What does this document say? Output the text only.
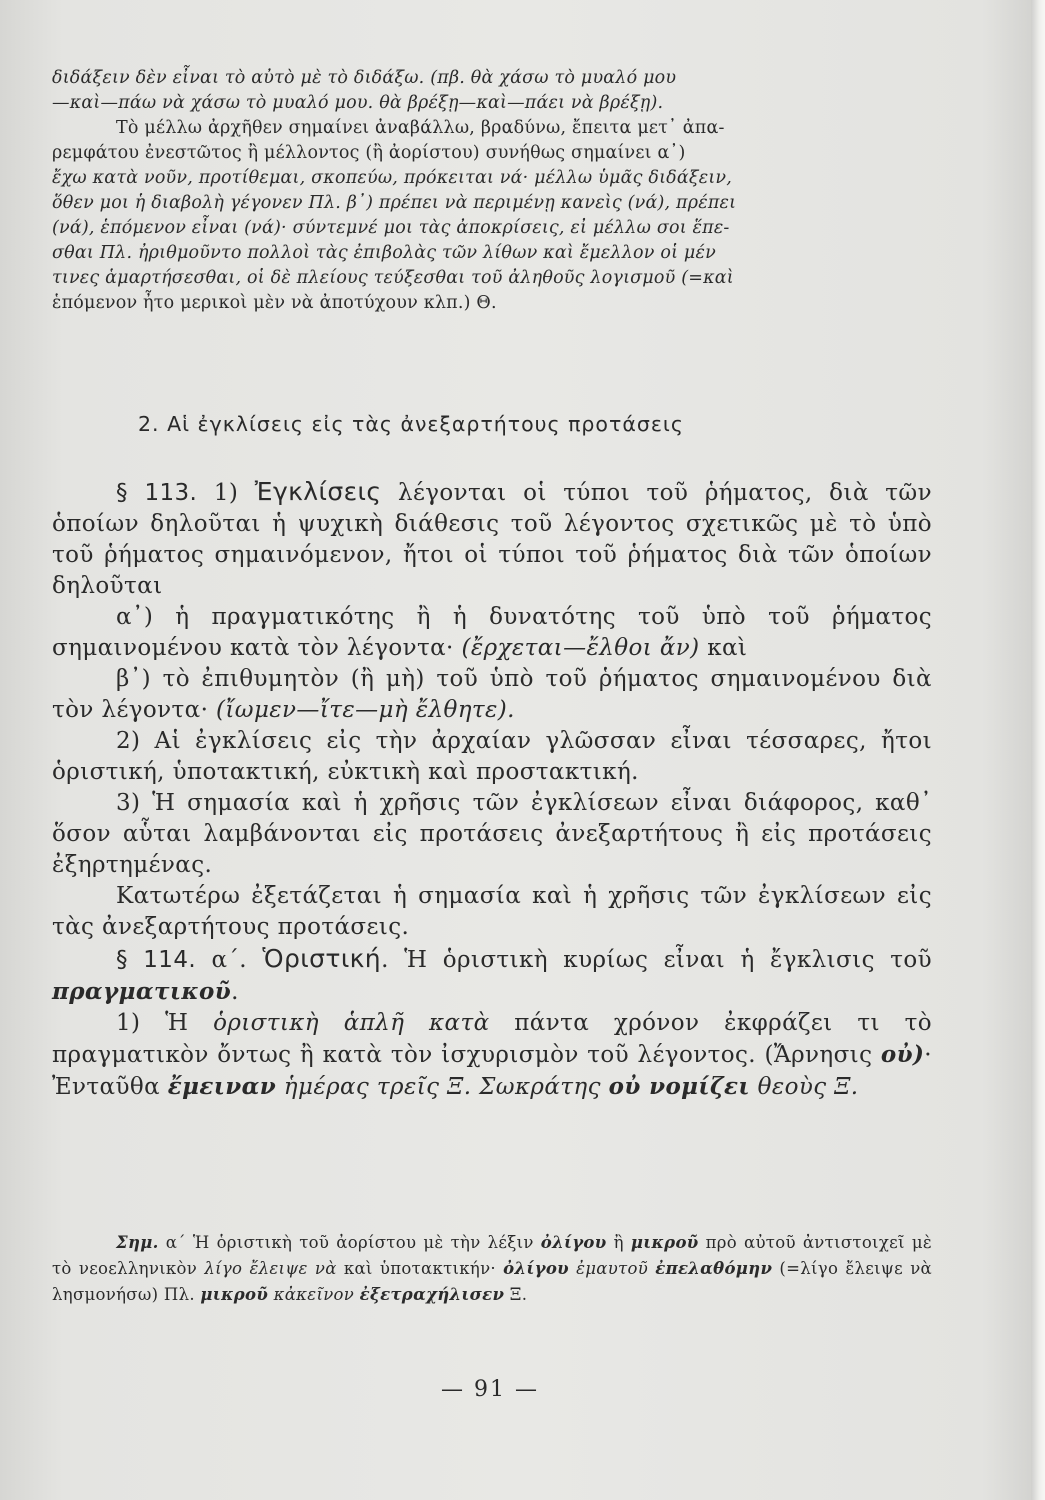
διδάξειν δὲν εἶναι τὸ αὐτὸ μὲ τὸ διδάξω. (πβ. θὰ χάσω τὸ μυαλό μου
—καὶ—πάω νὰ χάσω τὸ μυαλό μου. θὰ βρέξῃ—καὶ—πάει νὰ βρέξῃ).
Τὸ μέλλω ἀρχῆθεν σημαίνει ἀναβάλλω, βραδύνω, ἔπειτα μετ᾽ ἀπα-
ρεμφάτου ἐνεστῶτος ἢ μέλλοντος (ἢ ἀορίστου) συνήθως σημαίνει α᾽)
ἔχω κατὰ νοῦν, προτίθεμαι, σκοπεύω, πρόκειται νά· μέλλω ὑμᾶς διδάξειν,
ὅθεν μοι ἡ διαβολὴ γέγονεν Πλ. β᾽) πρέπει νὰ περιμένῃ κανεὶς (νά), πρέπει
(νά), ἑπόμενον εἶναι (νά)· σύντεμνέ μοι τὰς ἀποκρίσεις, εἰ μέλλω σοι ἕπε-
σθαι Πλ. ἠριθμοῦντο πολλοὶ τὰς ἐπιβολὰς τῶν λίθων καὶ ἔμελλον οἱ μέν
τινες ἁμαρτήσεσθαι, οἱ δὲ πλείους τεύξεσθαι τοῦ ἀληθοῦς λογισμοῦ (=καὶ
ἑπόμενον ἦτο μερικοὶ μὲν νὰ ἀποτύχουν κλπ.) Θ.
2. Αἱ ἐγκλίσεις εἰς τὰς ἀνεξαρτήτους προτάσεις

§ 113. 1) Ἐγκλίσεις λέγονται οἱ τύποι τοῦ ῥήματος, διὰ τῶν ὁποίων δηλοῦται ἡ ψυχικὴ διάθεσις τοῦ λέγοντος σχετικῶς μὲ τὸ ὑπὸ τοῦ ῥήματος σημαινόμενον, ἤτοι οἱ τύποι τοῦ ῥήματος διὰ τῶν ὁποίων δηλοῦται

α᾽) ἡ πραγματικότης ἢ ἡ δυνατότης τοῦ ὑπὸ τοῦ ῥήματος σημαινομένου κατὰ τὸν λέγοντα· (ἔρχεται—ἔλθοι ἄν) καὶ

β᾽) τὸ ἐπιθυμητὸν (ἢ μὴ) τοῦ ὑπὸ τοῦ ῥήματος σημαινομένου διὰ τὸν λέγοντα· (ἴωμεν—ἴτε—μὴ ἔλθητε).

2) Αἱ ἐγκλίσεις εἰς τὴν ἀρχαίαν γλῶσσαν εἶναι τέσσαρες, ἤτοι ὁριστική, ὑποτακτική, εὐκτικὴ καὶ προστακτική.

3) Ἡ σημασία καὶ ἡ χρῆσις τῶν ἐγκλίσεων εἶναι διάφορος, καθ᾽ ὅσον αὗται λαμβάνονται εἰς προτάσεις ἀνεξαρτήτους ἢ εἰς προτάσεις ἐξηρτημένας.

Κατωτέρω ἐξετάζεται ἡ σημασία καὶ ἡ χρῆσις τῶν ἐγκλίσεων εἰς τὰς ἀνεξαρτήτους προτάσεις.

§ 114. α΄. Ὁριστική. Ἡ ὁριστικὴ κυρίως εἶναι ἡ ἔγκλισις τοῦ πραγματικοῦ.

1) Ἡ ὁριστικὴ ἁπλῆ κατὰ πάντα χρόνον ἐκφράζει τι τὸ πραγματικὸν ὄντως ἢ κατὰ τὸν ἰσχυρισμὸν τοῦ λέγοντος. (Ἄρνησις οὐ)· Ἐνταῦθα ἔμειναν ἡμέρας τρεῖς Ξ. Σωκράτης οὐ νομίζει θεοὺς Ξ.

Σημ. α΄ Ἡ ὁριστικὴ τοῦ ἀορίστου μὲ τὴν λέξιν ὀλίγου ἢ μικροῦ πρὸ αὐτοῦ ἀντιστοιχεῖ μὲ τὸ νεοελληνικὸν λίγο ἔλειψε νὰ καὶ ὑποτακτικήν· ὀλίγου ἐμαυτοῦ ἐπελαθόμην (=λίγο ἔλειψε νὰ λησμονήσω) Πλ. μικροῦ κἀκεῖνον ἐξετραχήλισεν Ξ.

— 91 —
